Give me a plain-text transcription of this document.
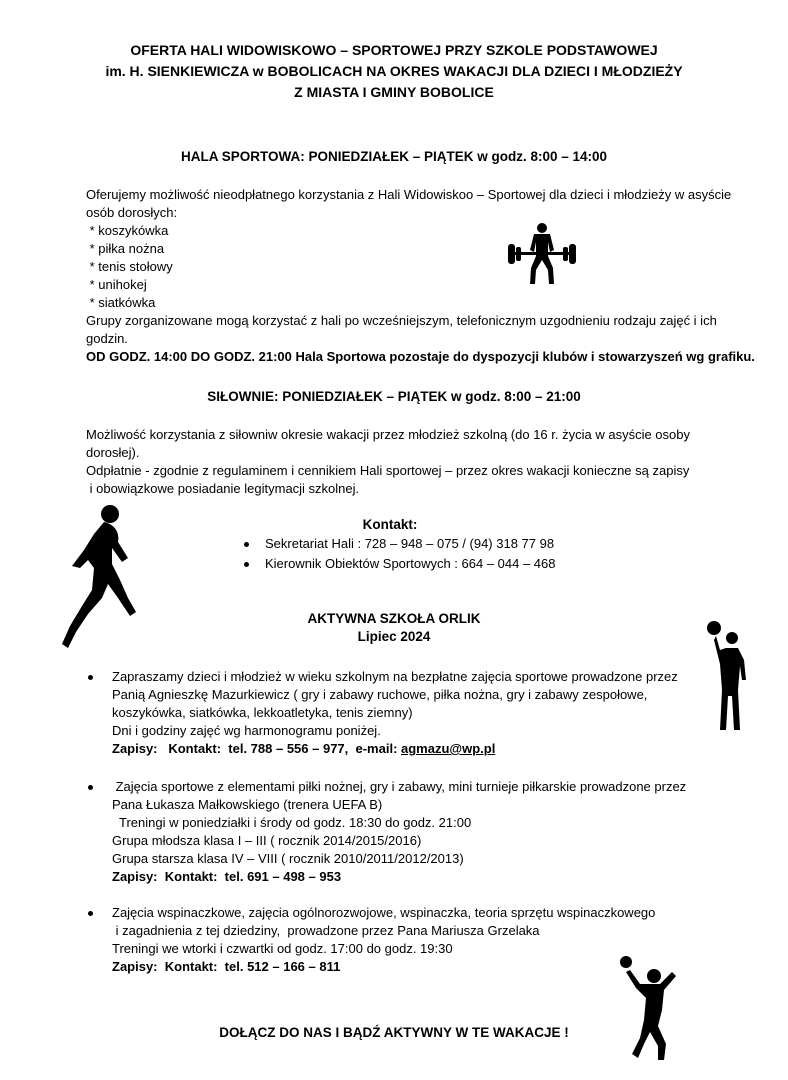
OFERTA HALI WIDOWISKOWO – SPORTOWEJ PRZY SZKOLE PODSTAWOWEJ
im. H. SIENKIEWICZA w BOBOLICACH NA OKRES WAKACJI DLA DZIECI I MŁODZIEŻY
Z MIASTA I GMINY BOBOLICE
HALA SPORTOWA: PONIEDZIAŁEK – PIĄTEK w godz. 8:00 – 14:00
Oferujemy możliwość nieodpłatnego korzystania z Hali Widowiskoo – Sportowej dla dzieci i młodzieży w asyście
osób dorosłych:
* koszykówka
* piłka nożna
* tenis stołowy
* unihokej
* siatkówka
Grupy zorganizowane mogą korzystać z hali po wcześniejszym, telefonicznym uzgodnieniu rodzaju zajęć i ich
godzin.
OD GODZ. 14:00 DO GODZ. 21:00 Hala Sportowa pozostaje do dyspozycji klubów i stowarzyszeń wg grafiku.
SIŁOWNIE: PONIEDZIAŁEK – PIĄTEK w godz. 8:00 – 21:00
Możliwość korzystania z siłowniw okresie wakacji przez młodzież szkolną (do 16 r. życia w asyście osoby
dorosłej).
Odpłatnie - zgodnie z regulaminem i cennikiem Hali sportowej – przez okres wakacji konieczne są zapisy
i obowiązkowe posiadanie legitymacji szkolnej.
Kontakt:
Sekretariat Hali : 728 – 948 – 075 / (94) 318 77 98
Kierownik Obiektów Sportowych : 664 – 044 – 468
AKTYWNA SZKOŁA ORLIK
Lipiec 2024
Zapraszamy dzieci i młodzież w wieku szkolnym na bezpłatne zajęcia sportowe prowadzone przez
Panią Agnieszkę Mazurkiewicz ( gry i zabawy ruchowe, piłka nożna, gry i zabawy zespołowe,
koszykówka, siatkówka, lekkoatletyka, tenis ziemny)
Dni i godziny zajęć wg harmonogramu poniżej.
Zapisy:   Kontakt:  tel. 788 – 556 – 977,  e-mail: agmazu@wp.pl
Zajęcia sportowe z elementami piłki nożnej, gry i zabawy, mini turnieje piłkarskie prowadzone przez
Pana Łukasza Małkowskiego (trenera UEFA B)
Treningi w poniedziałki i środy od godz. 18:30 do godz. 21:00
Grupa młodsza klasa I – III ( rocznik 2014/2015/2016)
Grupa starsza klasa IV – VIII ( rocznik 2010/2011/2012/2013)
Zapisy:  Kontakt:  tel. 691 – 498 – 953
Zajęcia wspinaczkowe, zajęcia ogólnorozwojowe, wspinaczka, teoria sprzętu wspinaczkowego
i zagadnienia z tej dziedziny,  prowadzone przez Pana Mariusza Grzelaka
Treningi we wtorki i czwartki od godz. 17:00 do godz. 19:30
Zapisy:  Kontakt:  tel. 512 – 166 – 811
DOŁĄCZ DO NAS I BĄDŹ AKTYWNY W TE WAKACJE !
